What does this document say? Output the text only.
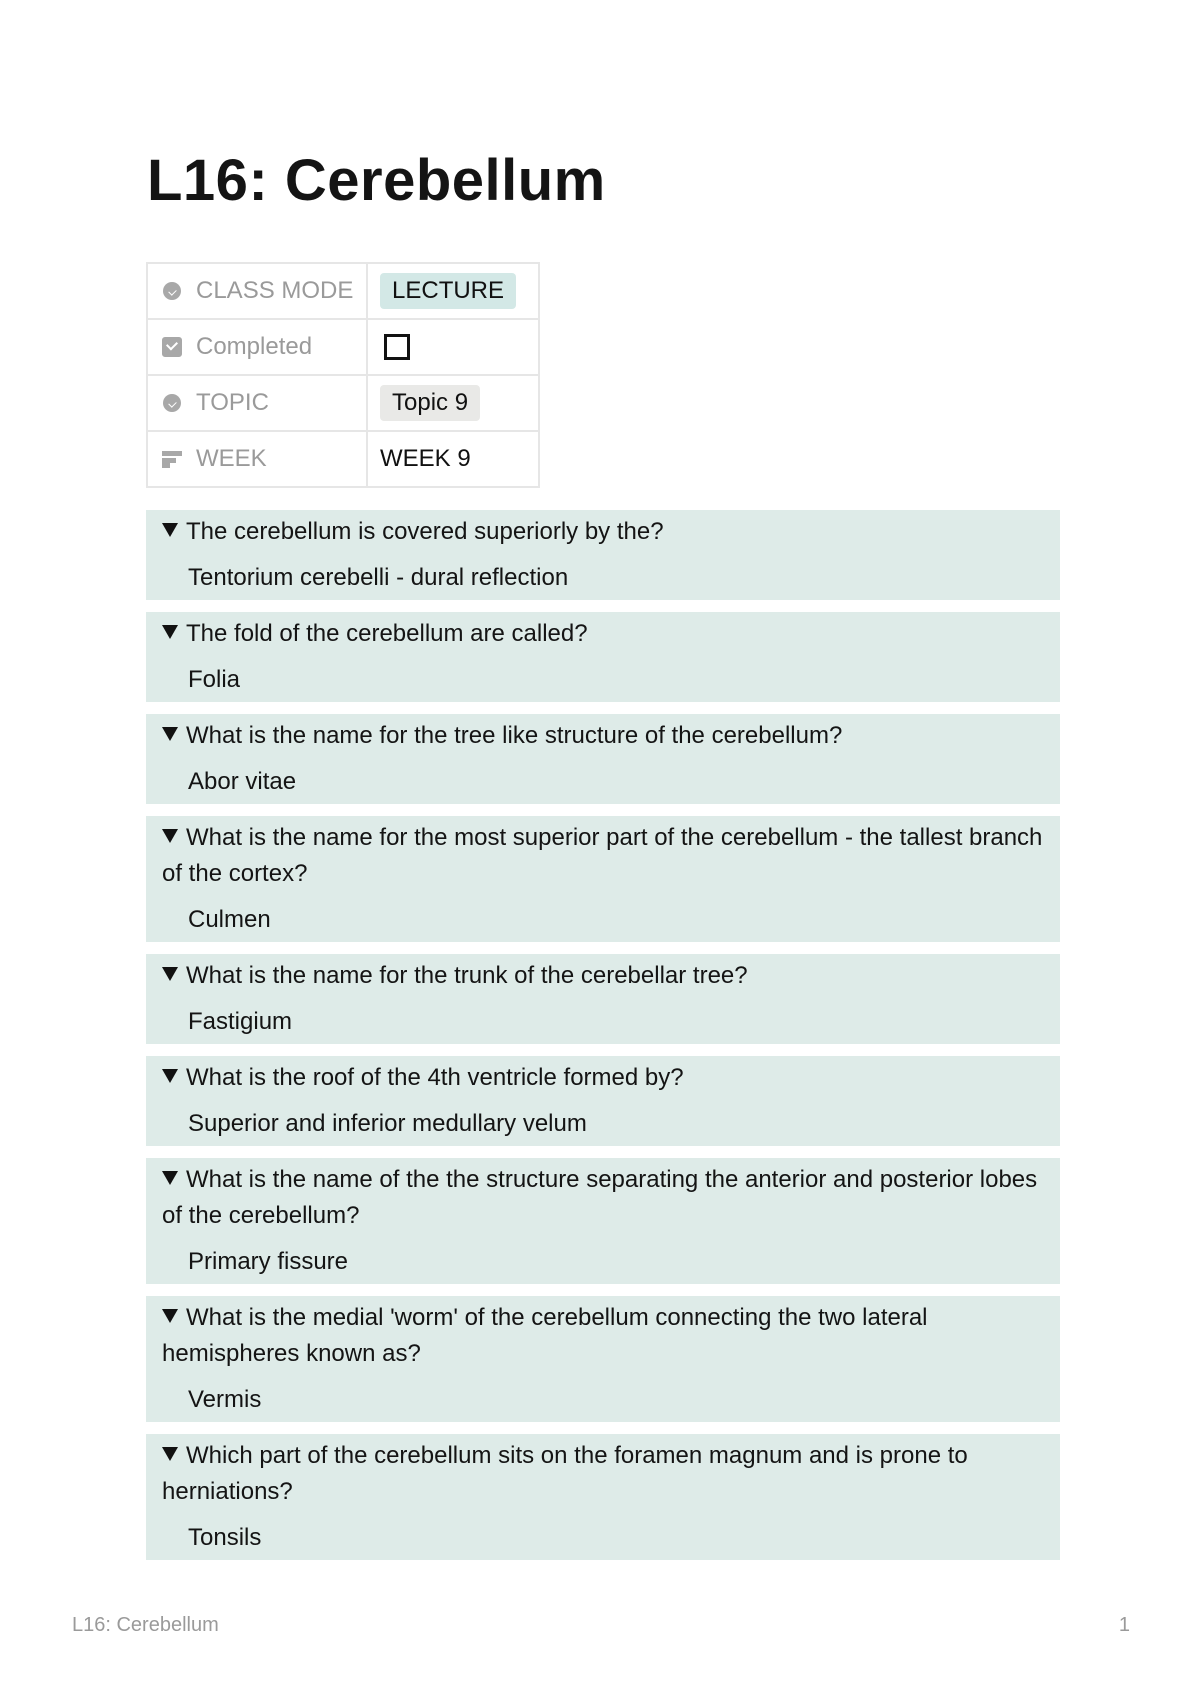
L16: Cerebellum
CLASS MODE	LECTURE

Completed	

TOPIC	Topic 9

WEEK	WEEK 9

The cerebellum is covered superiorly by the?

Tentorium cerebelli - dural reflection

The fold of the cerebellum are called?

Folia

What is the name for the tree like structure of the cerebellum?

Abor vitae

What is the name for the most superior part of the cerebellum - the tallest branch of the cortex?

Culmen

What is the name for the trunk of the cerebellar tree?

Fastigium

What is the roof of the 4th ventricle formed by?

Superior and inferior medullary velum

What is the name of the the structure separating the anterior and posterior lobes of the cerebellum?

Primary fissure

What is the medial 'worm' of the cerebellum connecting the two lateral hemispheres known as?

Vermis

Which part of the cerebellum sits on the foramen magnum and is prone to herniations?

Tonsils

L16: Cerebellum	1
